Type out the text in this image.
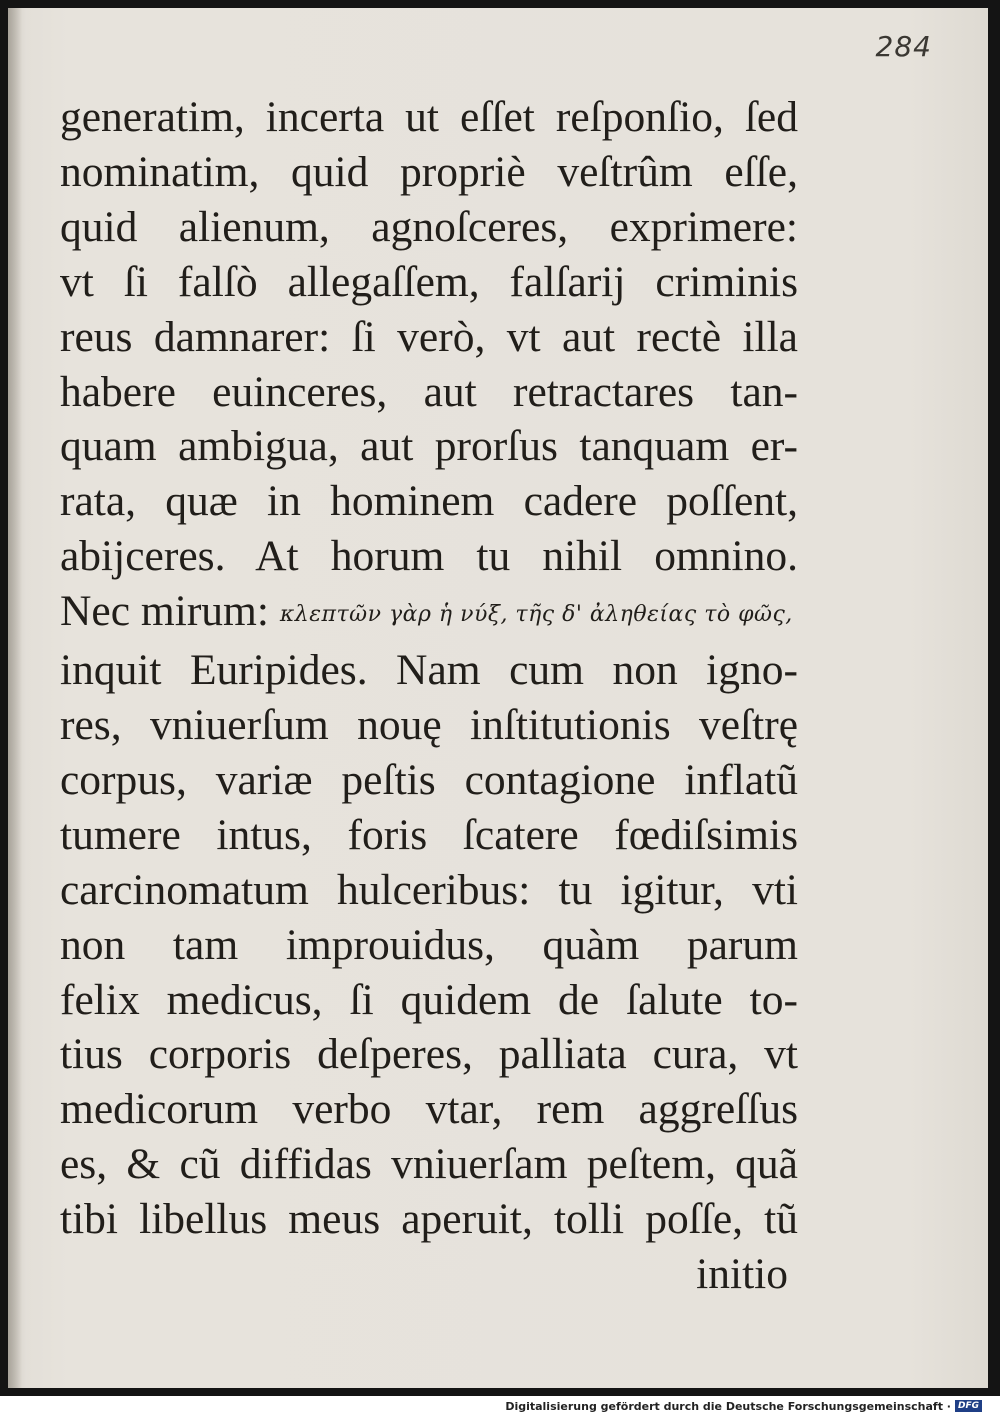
284
generatim, incerta ut eſſet reſponſio, ſed
nominatim, quid propriè veſtrûm eſſe,
quid alienum, agnoſceres, exprimere:
vt ſi falſò allegaſſem, falſarij criminis
reus damnarer: ſi verò, vt aut rectè illa
habere euinceres, aut retractares tan-
quam ambigua, aut prorſus tanquam er-
rata, quæ in hominem cadere poſſent,
abijceres. At horum tu nihil omnino.
Nec mirum: κλεπτῶν γὰρ ἡ νύξ, τῆς δ' ἀληθείας τὸ φῶς,
inquit Euripides. Nam cum non igno-
res, vniuerſum nouę inſtitutionis veſtrę
corpus, variæ peſtis contagione inflatũ
tumere intus, foris ſcatere fœdiſsimis
carcinomatum hulceribus: tu igitur, vti
non tam improuidus, quàm parum
felix medicus, ſi quidem de ſalute to-
tius corporis deſperes, palliata cura, vt
medicorum verbo vtar, rem aggreſſus
es, & cũ diffidas vniuerſam peſtem, quã
tibi libellus meus aperuit, tolli poſſe, tũ
initio
Digitalisierung gefördert durch die Deutsche Forschungsgemeinschaft · DFG
